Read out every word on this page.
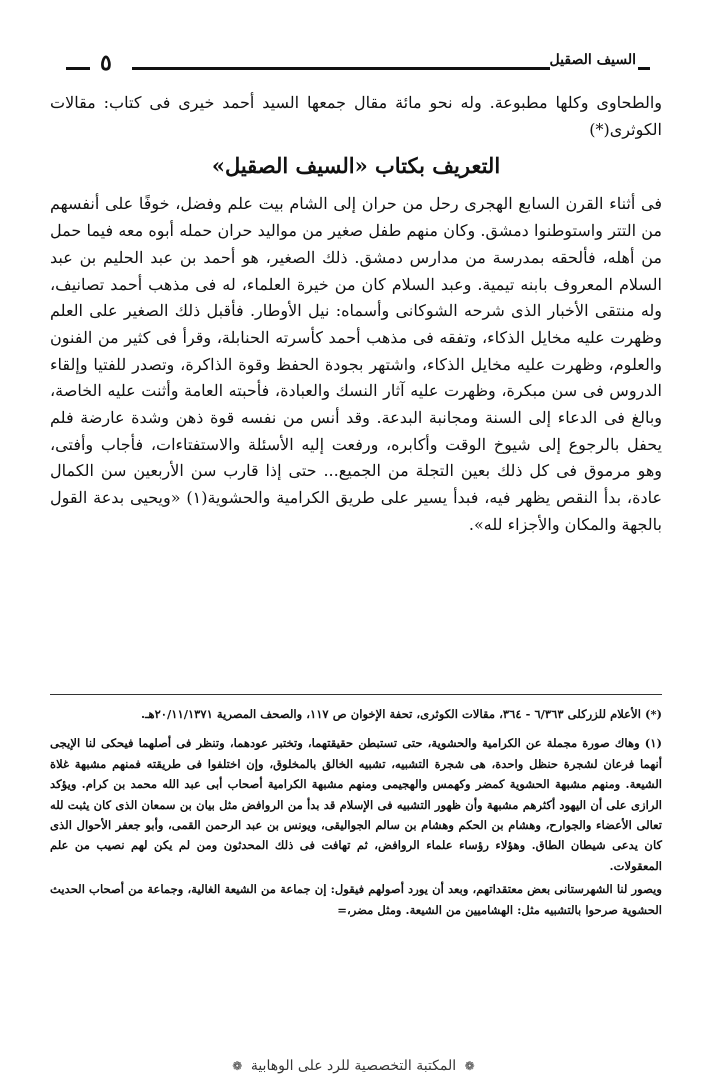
٥	السيف الصقيل

والطحاوى وكلها مطبوعة. وله نحو مائة مقال جمعها السيد أحمد خيرى فى كتاب: مقالات الكوثرى(*)

التعريف بكتاب «السيف الصقيل»

فى أثناء القرن السابع الهجرى رحل من حران إلى الشام بيت علم وفضل، خوفًا على أنفسهم من التتر واستوطنوا دمشق. وكان منهم طفل صغير من مواليد حران حمله أبوه معه فيما حمل من أهله، فألحقه بمدرسة من مدارس دمشق. ذلك الصغير، هو أحمد بن عبد الحليم بن عبد السلام المعروف بابنه تيمية. وعبد السلام كان من خيرة العلماء، له فى مذهب أحمد تصانيف، وله منتقى الأخبار الذى شرحه الشوكانى وأسماه: نيل الأوطار. فأقبل ذلك الصغير على العلم وظهرت عليه مخايل الذكاء، وتفقه فى مذهب أحمد كأسرته الحنابلة، وقرأ فى كثير من الفنون والعلوم، وظهرت عليه مخايل الذكاء، واشتهر بجودة الحفظ وقوة الذاكرة، وتصدر للفتيا وإلقاء الدروس فى سن مبكرة، وظهرت عليه آثار النسك والعبادة، فأحبته العامة وأثنت عليه الخاصة، وبالغ فى الدعاء إلى السنة ومجانبة البدعة. وقد أنس من نفسه قوة ذهن وشدة عارضة فلم يحفل بالرجوع إلى شيوخ الوقت وأكابره، ورفعت إليه الأسئلة والاستفتاءات، فأجاب وأفتى، وهو مرموق فى كل ذلك بعين التجلة من الجميع... حتى إذا قارب سن الأربعين سن الكمال عادة، بدأ النقص يظهر فيه، فبدأ يسير على طريق الكرامية والحشوية(١) «ويحيى بدعة القول بالجهة والمكان والأجزاء لله».

(*) الأعلام للزركلى ٦/٣٦٣ - ٣٦٤، مقالات الكوثرى، تحفة الإخوان ص ١١٧، والصحف المصرية ٢٠/١١/١٣٧١هـ.

(١) وهاك صورة مجملة عن الكرامية والحشوية، حتى تستبطن حقيقتهما، وتختبر عودهما، وتنظر فى أصلهما فيحكى لنا الإيجى أنهما فرعان لشجرة حنظل واحدة، هى شجرة التشبيه، تشبيه الخالق بالمخلوق، وإن اختلفوا فى طريقته فمنهم مشبهة غلاة الشيعة. ومنهم مشبهة الحشوية كمضر وكهمس والهجيمى ومنهم مشبهة الكرامية أصحاب أبى عبد الله محمد بن كرام. ويؤكد الرازى على أن اليهود أكثرهم مشبهة وأن ظهور التشبيه فى الإسلام قد بدأ من الروافض مثل بيان بن سمعان الذى كان يثبت لله تعالى الأعضاء والجوارح، وهشام بن الحكم وهشام بن سالم الجواليقى، ويونس بن عبد الرحمن القمى، وأبو جعفر الأحوال الذى كان يدعى شيطان الطاق. وهؤلاء رؤساء علماء الروافض، ثم تهافت فى ذلك المحدثون ومن لم يكن لهم نصيب من علم المعقولات.

ويصور لنا الشهرستانى بعض معتقداتهم، وبعد أن يورد أصولهم فيقول: إن جماعة من الشيعة الغالية، وجماعة من أصحاب الحديث الحشوية صرحوا بالتشبيه مثل: الهشاميين من الشيعة. ومثل مضر،=

❁ المكتبة التخصصية للرد على الوهابية ❁
